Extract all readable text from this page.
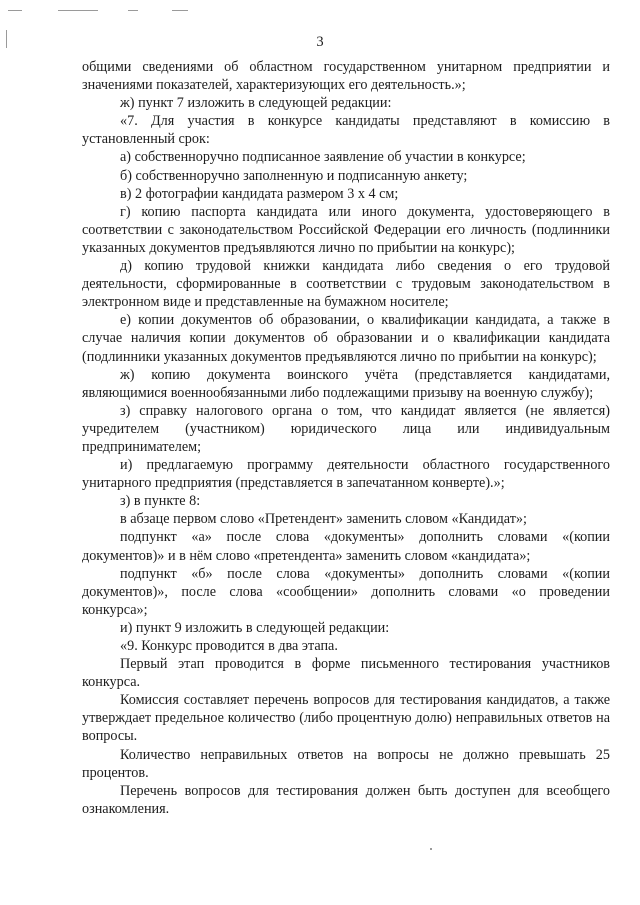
3

общими сведениями об областном государственном унитарном предприятии и значениями показателей, характеризующих его деятельность.»;

ж) пункт 7 изложить в следующей редакции:

«7. Для участия в конкурсе кандидаты представляют в комиссию в установленный срок:

а) собственноручно подписанное заявление об участии в конкурсе;

б) собственноручно заполненную и подписанную анкету;

в) 2 фотографии кандидата размером 3 х 4 см;

г) копию паспорта кандидата или иного документа, удостоверяющего в соответствии с законодательством Российской Федерации его личность (подлинники указанных документов предъявляются лично по прибытии на конкурс);

д) копию трудовой книжки кандидата либо сведения о его трудовой деятельности, сформированные в соответствии с трудовым законодательством в электронном виде и представленные на бумажном носителе;

е) копии документов об образовании, о квалификации кандидата, а также в случае наличия копии документов об образовании и о квалификации кандидата (подлинники указанных документов предъявляются лично по прибытии на конкурс);

ж) копию документа воинского учёта (представляется кандидатами, являющимися военнообязанными либо подлежащими призыву на военную службу);

з) справку налогового органа о том, что кандидат является (не является) учредителем (участником) юридического лица или индивидуальным предпринимателем;

и) предлагаемую программу деятельности областного государственного унитарного предприятия (представляется в запечатанном конверте).»;

з) в пункте 8:

в абзаце первом слово «Претендент» заменить словом «Кандидат»;

подпункт «а» после слова «документы» дополнить словами «(копии документов)» и в нём слово «претендента» заменить словом «кандидата»;

подпункт «б» после слова «документы» дополнить словами «(копии документов)», после слова «сообщении» дополнить словами «о проведении конкурса»;

и) пункт 9 изложить в следующей редакции:

«9. Конкурс проводится в два этапа.

Первый этап проводится в форме письменного тестирования участников конкурса.

Комиссия составляет перечень вопросов для тестирования кандидатов, а также утверждает предельное количество (либо процентную долю) неправильных ответов на вопросы.

Количество неправильных ответов на вопросы не должно превышать 25 процентов.

Перечень вопросов для тестирования должен быть доступен для всеобщего ознакомления.
